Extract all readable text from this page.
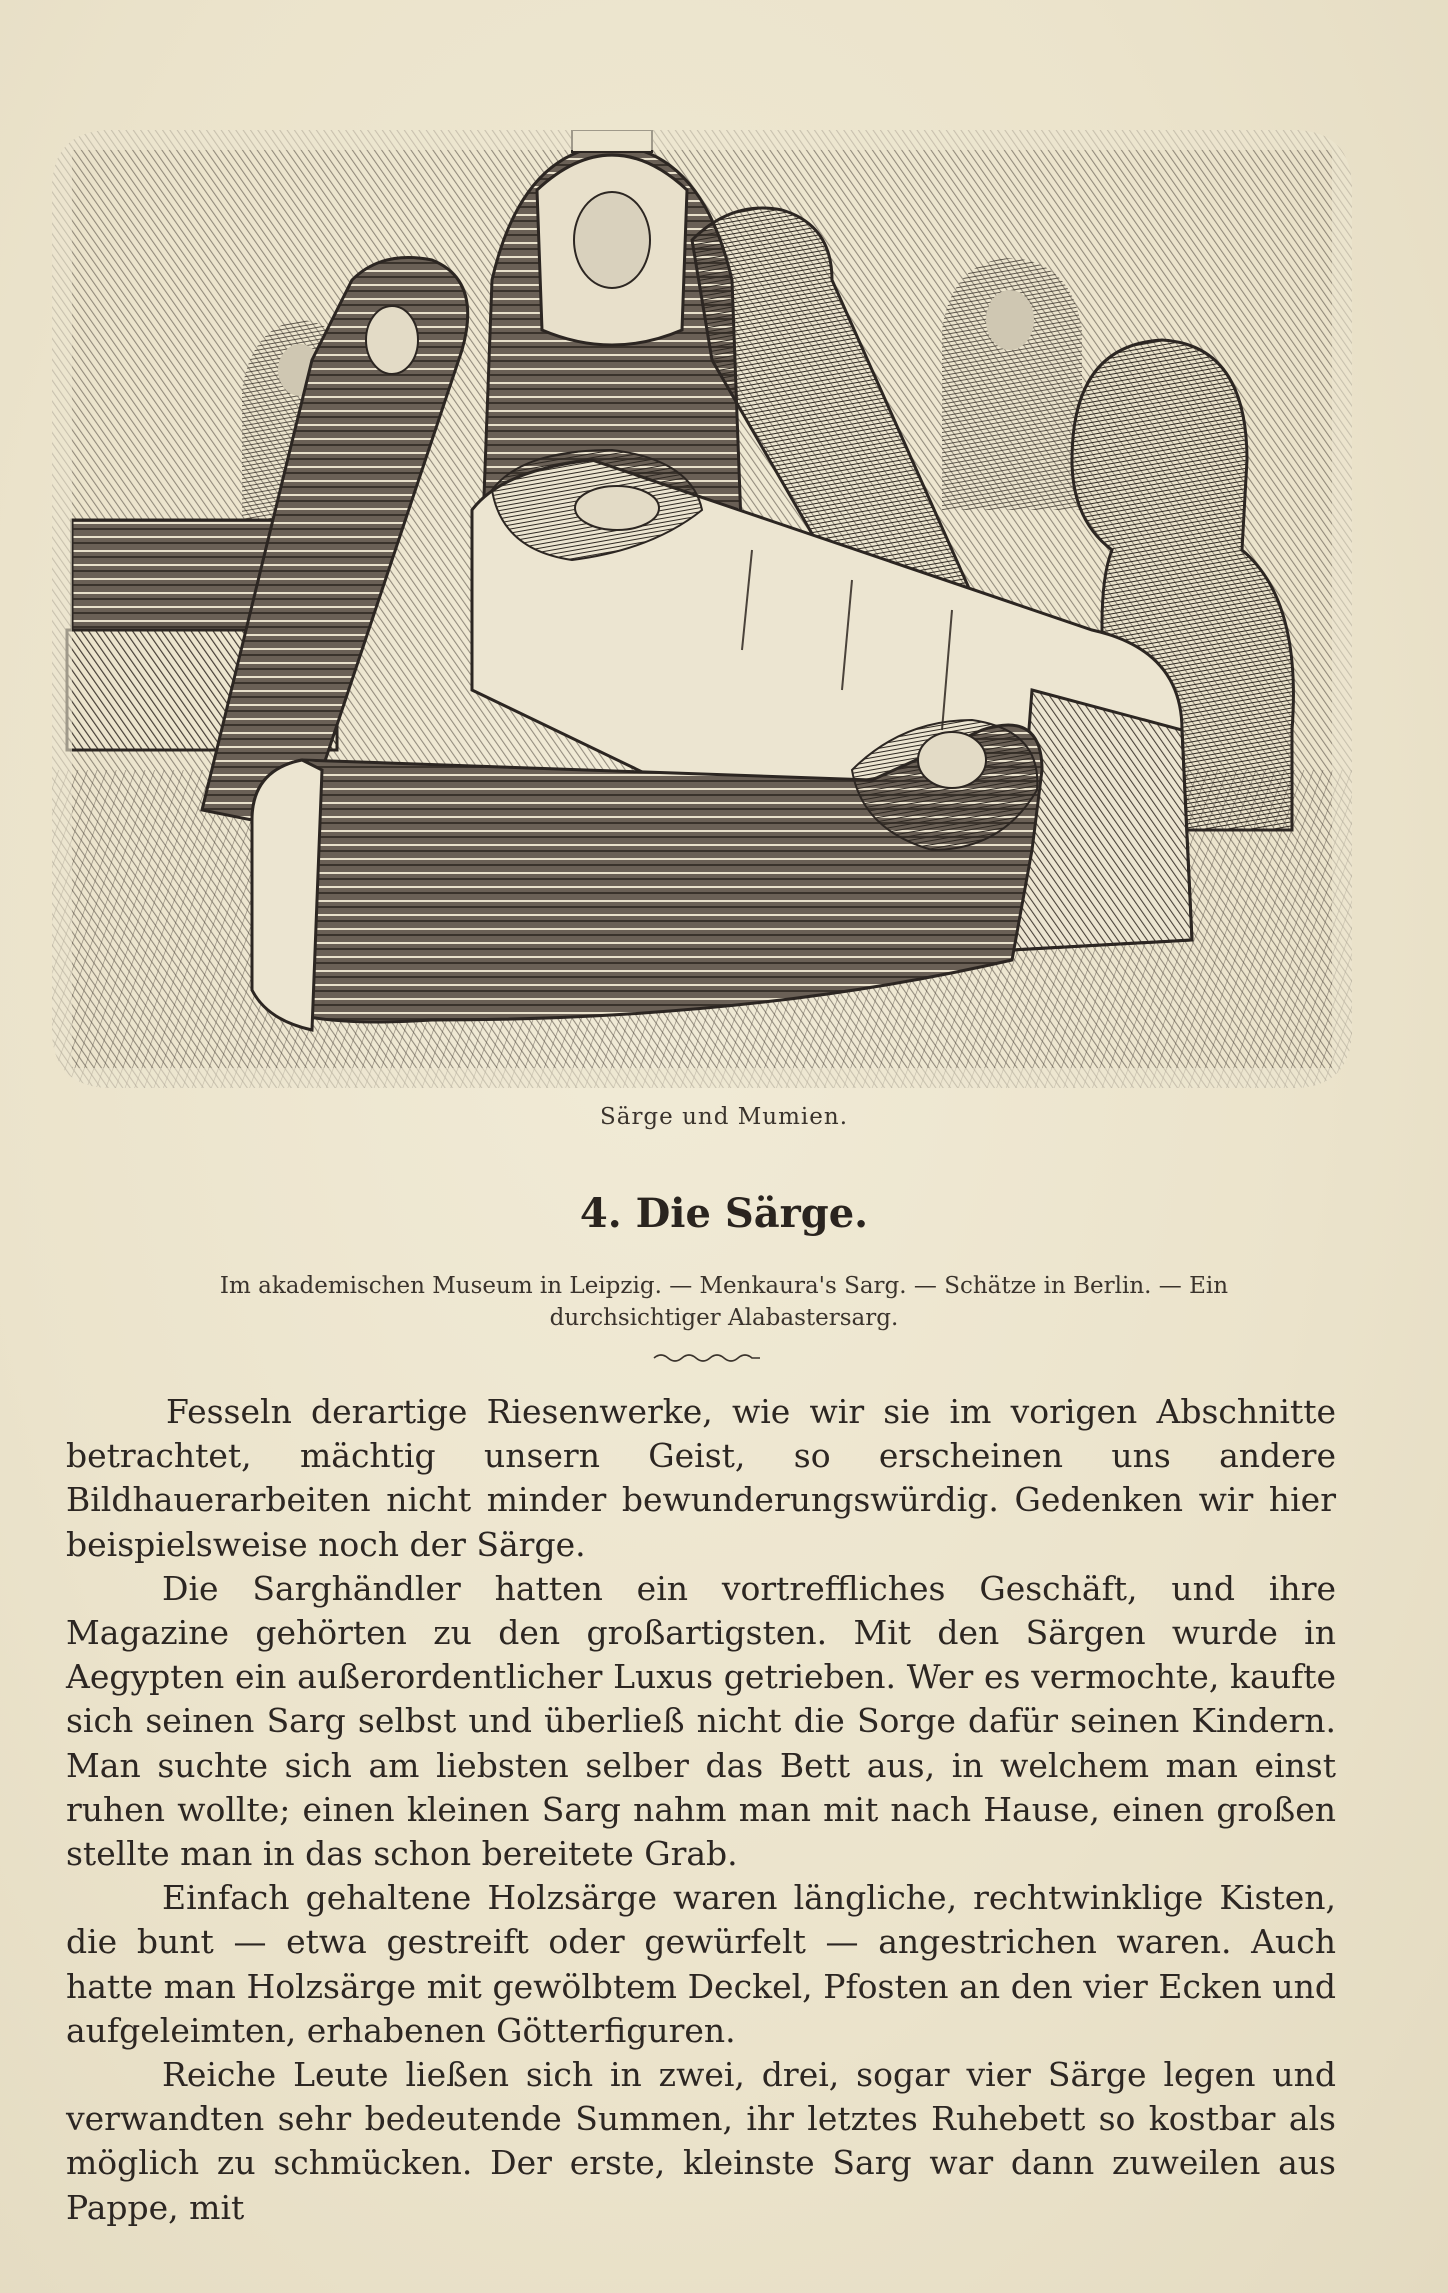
Särge und Mumien.
4. Die Särge.
Im akademischen Museum in Leipzig. — Menkaura's Sarg. — Schätze in Berlin. — Ein durchsichtiger Alabastersarg.

Fesseln derartige Riesenwerke, wie wir sie im vorigen Abschnitte betrachtet, mächtig unsern Geist, so erscheinen uns andere Bildhauerarbeiten nicht minder bewunderungswürdig. Gedenken wir hier beispielsweise noch der Särge.

Die Sarghändler hatten ein vortreffliches Geschäft, und ihre Magazine gehörten zu den großartigsten. Mit den Särgen wurde in Aegypten ein außerordentlicher Luxus getrieben. Wer es vermochte, kaufte sich seinen Sarg selbst und überließ nicht die Sorge dafür seinen Kindern. Man suchte sich am liebsten selber das Bett aus, in welchem man einst ruhen wollte; einen kleinen Sarg nahm man mit nach Hause, einen großen stellte man in das schon bereitete Grab.

Einfach gehaltene Holzsärge waren längliche, rechtwinklige Kisten, die bunt — etwa gestreift oder gewürfelt — angestrichen waren. Auch hatte man Holzsärge mit gewölbtem Deckel, Pfosten an den vier Ecken und aufgeleimten, erhabenen Götterfiguren.

Reiche Leute ließen sich in zwei, drei, sogar vier Särge legen und verwandten sehr bedeutende Summen, ihr letztes Ruhebett so kostbar als möglich zu schmücken. Der erste, kleinste Sarg war dann zuweilen aus Pappe, mit
